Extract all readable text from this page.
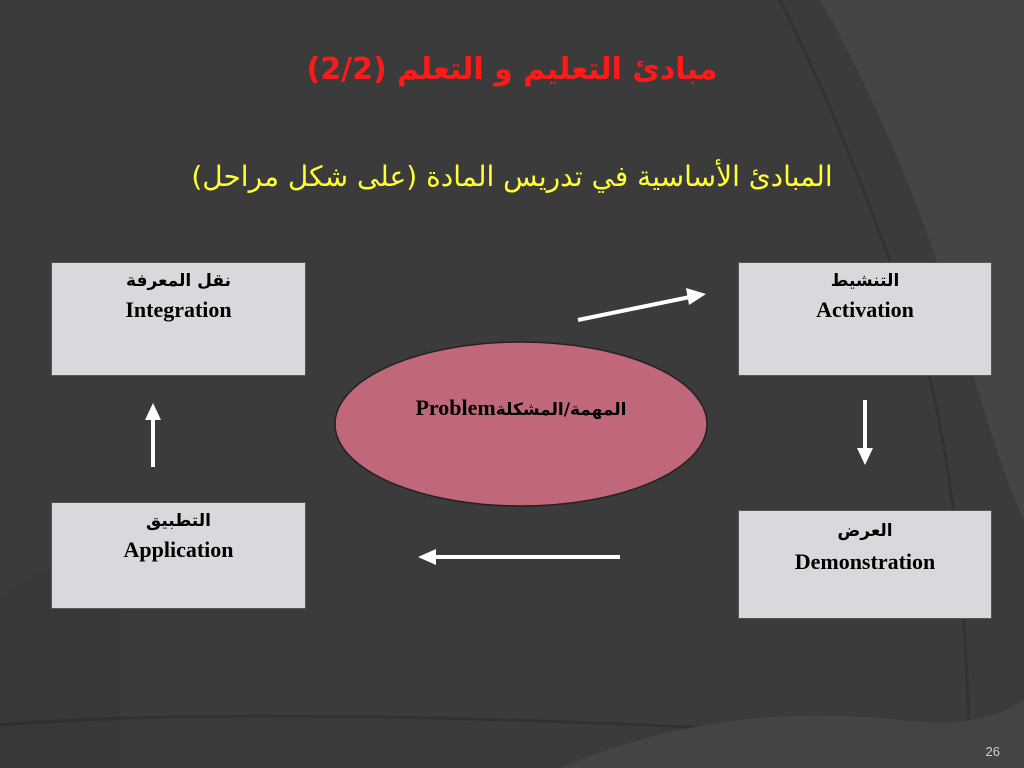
مبادئ التعليم و التعلم (2/2)
المبادئ الأساسية في تدريس المادة (على شكل مراحل)
نقل المعرفة
Integration
التنشيط
Activation
التطبيق
Application
العرض
Demonstration
Problemالمهمة/المشكلة
26
